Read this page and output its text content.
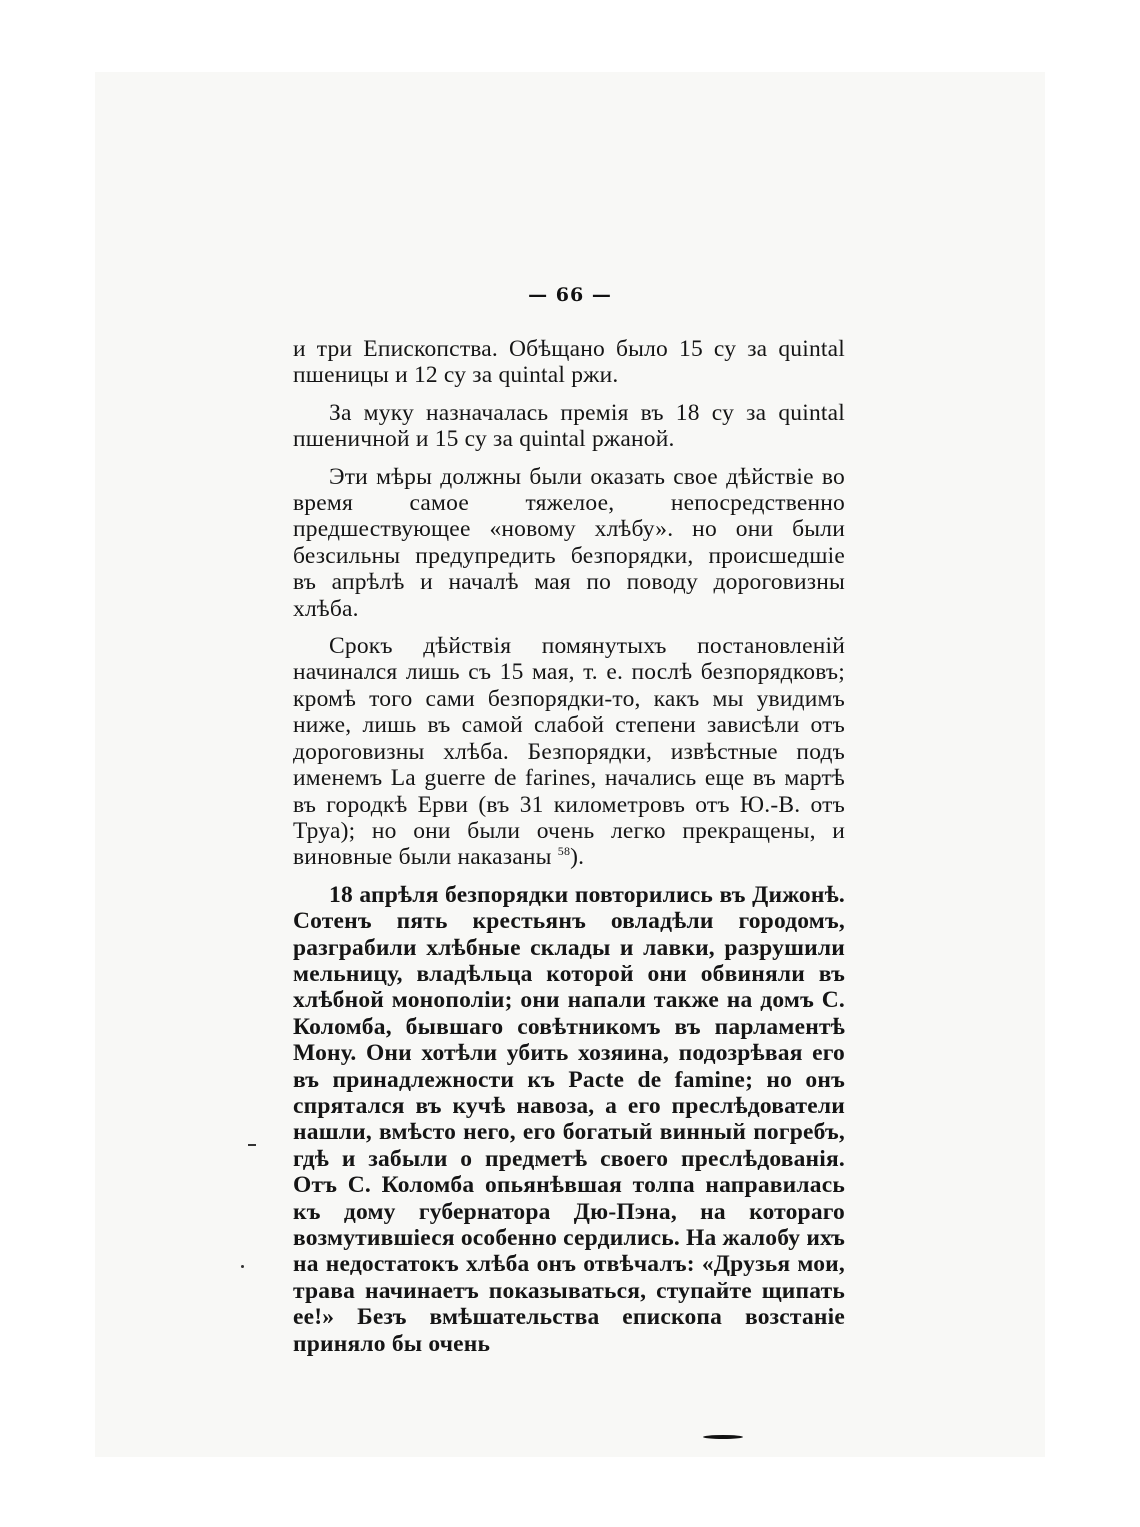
— 66 —

и три Епископства. Обѣщано было 15 су за quintal пшеницы и 12 су за quintal ржи.

За муку назначалась премія въ 18 су за quintal пшеничной и 15 су за quintal ржаной.

Эти мѣры должны были оказать свое дѣйствіе во время самое тяжелое, непосредственно предшествующее «новому хлѣбу». но они были безсильны предупредить безпорядки, происшедшіе въ апрѣлѣ и началѣ мая по поводу дороговизны хлѣба.

Срокъ дѣйствія помянутыхъ постановленій начинался лишь съ 15 мая, т. е. послѣ безпорядковъ; кромѣ того сами безпорядки-то, какъ мы увидимъ ниже, лишь въ самой слабой степени зависѣли отъ дороговизны хлѣба. Безпорядки, извѣстные подъ именемъ La guerre de farines, начались еще въ мартѣ въ городкѣ Ерви (въ 31 километровъ отъ Ю.-В. отъ Труа); но они были очень легко прекращены, и виновные были наказаны $^{58}$).

18 апрѣля безпорядки повторились въ Дижонѣ. Сотенъ пять крестьянъ овладѣли городомъ, разграбили хлѣбные склады и лавки, разрушили мельницу, владѣльца которой они обвиняли въ хлѣбной монополіи; они напали также на домъ С. Коломба, бывшаго совѣтникомъ въ парламентѣ Мону. Они хотѣли убить хозяина, подозрѣвая его въ принадлежности къ Pacte de famine; но онъ спрятался въ кучѣ навоза, а его преслѣдователи нашли, вмѣсто него, его богатый винный погребъ, гдѣ и забыли о предметѣ своего преслѣдованія. Отъ С. Коломба опьянѣвшая толпа направилась къ дому губернатора Дю-Пэна, на котораго возмутившіеся особенно сердились. На жалобу ихъ на недостатокъ хлѣба онъ отвѣчалъ: «Друзья мои, трава начинаетъ показываться, ступайте щипать ее!» Безъ вмѣшательства епископа возстаніе приняло бы очень
